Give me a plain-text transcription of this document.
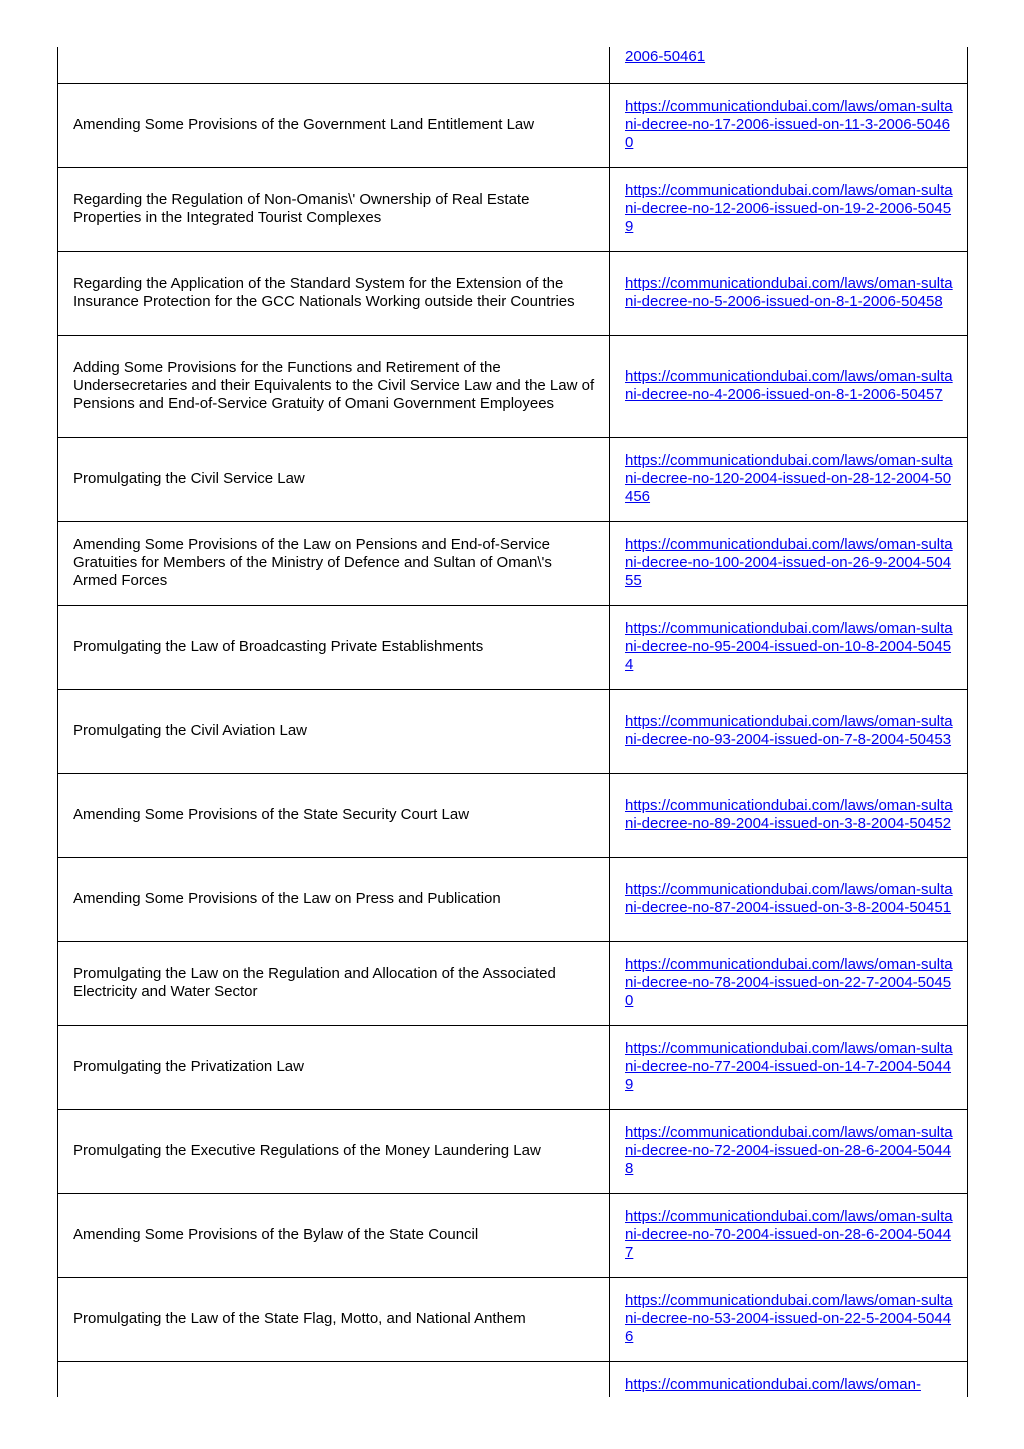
	2006-50461

Amending Some Provisions of the Government Land Entitlement Law	https://communicationdubai.com/laws/oman-sultani-decree-no-17-2006-issued-on-11-3-2006-50460

Regarding the Regulation of Non-Omanis\' Ownership of Real Estate Properties in the Integrated Tourist Complexes	https://communicationdubai.com/laws/oman-sultani-decree-no-12-2006-issued-on-19-2-2006-50459

Regarding the Application of the Standard System for the Extension of the Insurance Protection for the GCC Nationals Working outside their Countries	https://communicationdubai.com/laws/oman-sultani-decree-no-5-2006-issued-on-8-1-2006-50458

Adding Some Provisions for the Functions and Retirement of the Undersecretaries and their Equivalents to the Civil Service Law and the Law of Pensions and End-of-Service Gratuity of Omani Government Employees	https://communicationdubai.com/laws/oman-sultani-decree-no-4-2006-issued-on-8-1-2006-50457

Promulgating the Civil Service Law	https://communicationdubai.com/laws/oman-sultani-decree-no-120-2004-issued-on-28-12-2004-50456

Amending Some Provisions of the Law on Pensions and End-of-Service Gratuities for Members of the Ministry of Defence and Sultan of Oman\'s Armed Forces	https://communicationdubai.com/laws/oman-sultani-decree-no-100-2004-issued-on-26-9-2004-50455

Promulgating the Law of Broadcasting Private Establishments	https://communicationdubai.com/laws/oman-sultani-decree-no-95-2004-issued-on-10-8-2004-50454

Promulgating the Civil Aviation Law	https://communicationdubai.com/laws/oman-sultani-decree-no-93-2004-issued-on-7-8-2004-50453

Amending Some Provisions of the State Security Court Law	https://communicationdubai.com/laws/oman-sultani-decree-no-89-2004-issued-on-3-8-2004-50452

Amending Some Provisions of the Law on Press and Publication	https://communicationdubai.com/laws/oman-sultani-decree-no-87-2004-issued-on-3-8-2004-50451

Promulgating the Law on the Regulation and Allocation of the Associated Electricity and Water Sector	https://communicationdubai.com/laws/oman-sultani-decree-no-78-2004-issued-on-22-7-2004-50450

Promulgating the Privatization Law	https://communicationdubai.com/laws/oman-sultani-decree-no-77-2004-issued-on-14-7-2004-50449

Promulgating the Executive Regulations of the Money Laundering Law	https://communicationdubai.com/laws/oman-sultani-decree-no-72-2004-issued-on-28-6-2004-50448

Amending Some Provisions of the Bylaw of the State Council	https://communicationdubai.com/laws/oman-sultani-decree-no-70-2004-issued-on-28-6-2004-50447

Promulgating the Law of the State Flag, Motto, and National Anthem	https://communicationdubai.com/laws/oman-sultani-decree-no-53-2004-issued-on-22-5-2004-50446

	https://communicationdubai.com/laws/oman-
